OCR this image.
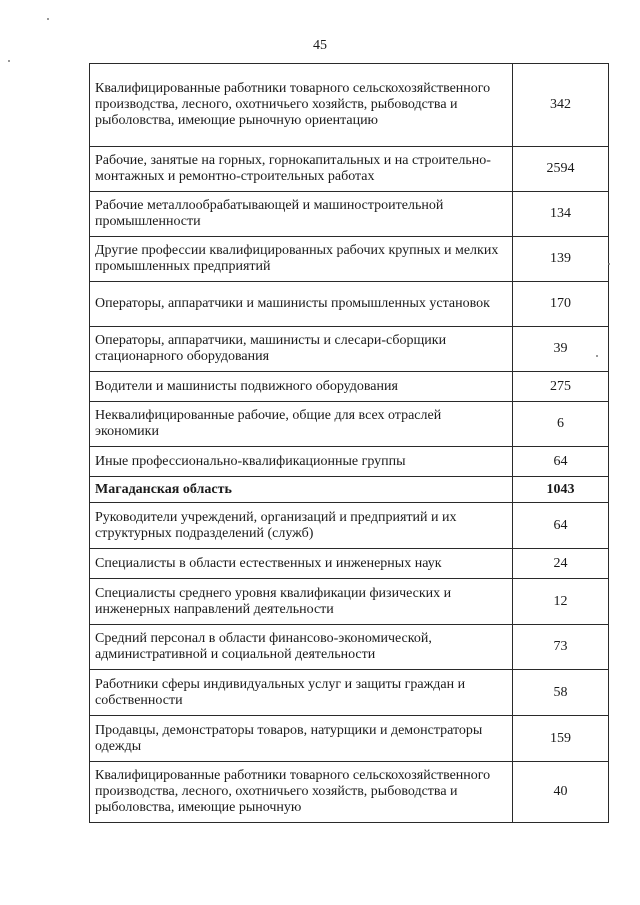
45
Квалифицированные работники товарного сельскохозяйственного производства, лесного, охотничьего хозяйств, рыбоводства и рыболовства, имеющие рыночную ориентацию	342
Рабочие, занятые на горных, горнокапитальных и на строительно-монтажных и ремонтно-строительных работах	2594
Рабочие металлообрабатывающей и машиностроительной промышленности	134
Другие профессии квалифицированных рабочих крупных и мелких промышленных предприятий	139
Операторы, аппаратчики и машинисты промышленных установок	170
Операторы, аппаратчики, машинисты и слесари-сборщики стационарного оборудования	39
Водители и машинисты подвижного оборудования	275
Неквалифицированные рабочие, общие для всех отраслей экономики	6
Иные профессионально-квалификационные группы	64
Магаданская область	1043
Руководители учреждений, организаций и предприятий и их структурных подразделений (служб)	64
Специалисты в области естественных и инженерных наук	24
Специалисты среднего уровня квалификации физических и инженерных направлений деятельности	12
Средний персонал в области финансово-экономической, административной и социальной деятельности	73
Работники сферы индивидуальных услуг и защиты граждан и собственности	58
Продавцы, демонстраторы товаров, натурщики и демонстраторы одежды	159
Квалифицированные работники товарного сельскохозяйственного производства, лесного, охотничьего хозяйств, рыбоводства и рыболовства, имеющие рыночную	40
